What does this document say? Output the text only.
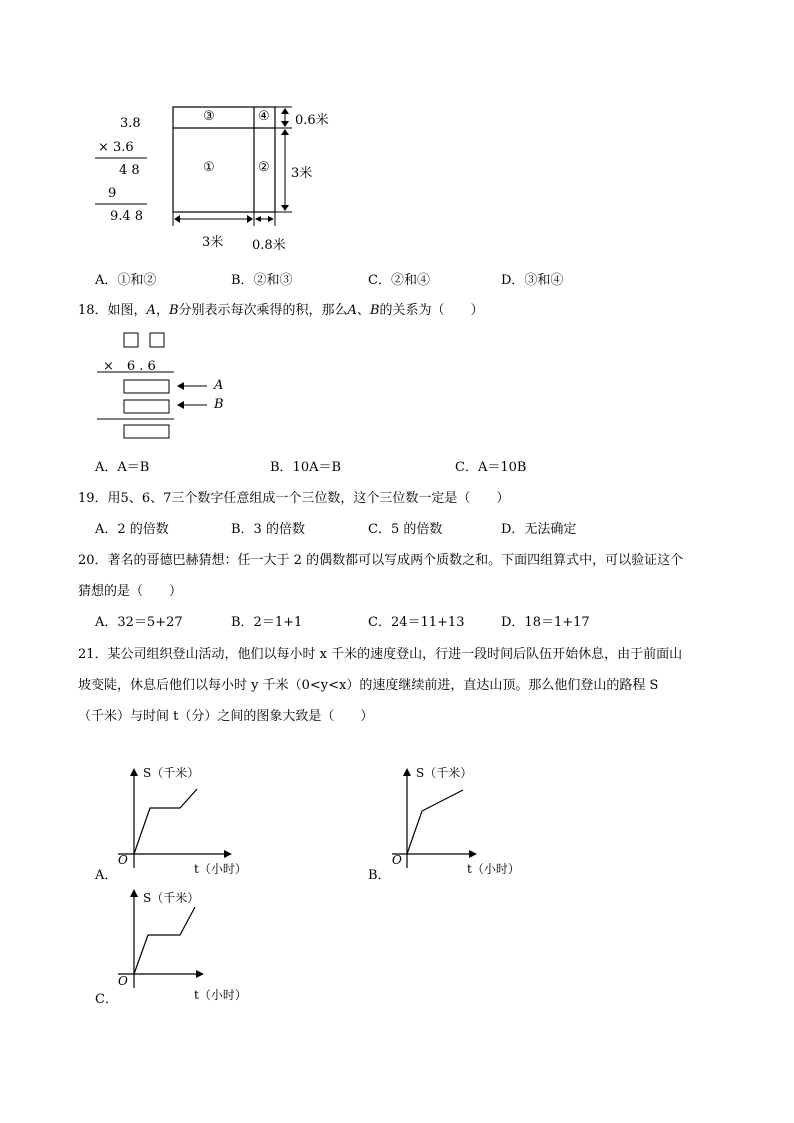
3.8
× 3.6
4 8
9
9.4 8
③	④
①	②
0.6米
3米
3米 0.8米
A．①和②	B．②和③	C．②和④	D．③和④
18．如图，A，B分别表示每次乘得的积，那么A、B的关系为（　　）
×　6 . 6
A
B
A．A＝B	B．10A＝B	C．A＝10B
19．用5、6、7三个数字任意组成一个三位数，这个三位数一定是（　　）
A．2 的倍数	B．3 的倍数	C．5 的倍数	D．无法确定
20．著名的哥德巴赫猜想：任一大于 2 的偶数都可以写成两个质数之和。下面四组算式中，可以验证这个
猜想的是（　　）
A．32＝5+27	B．2＝1+1	C．24＝11+13	D．18＝1+17
21．某公司组织登山活动，他们以每小时 x 千米的速度登山，行进一段时间后队伍开始休息，由于前面山
坡变陡，休息后他们以每小时 y 千米（0<y<x）的速度继续前进，直达山顶。那么他们登山的路程 S
（千米）与时间 t（分）之间的图象大致是（　　）
S（千米）
O
t（小时）
A．
S（千米）
O
t（小时）
B．
S（千米）
O
t（小时）
C．
